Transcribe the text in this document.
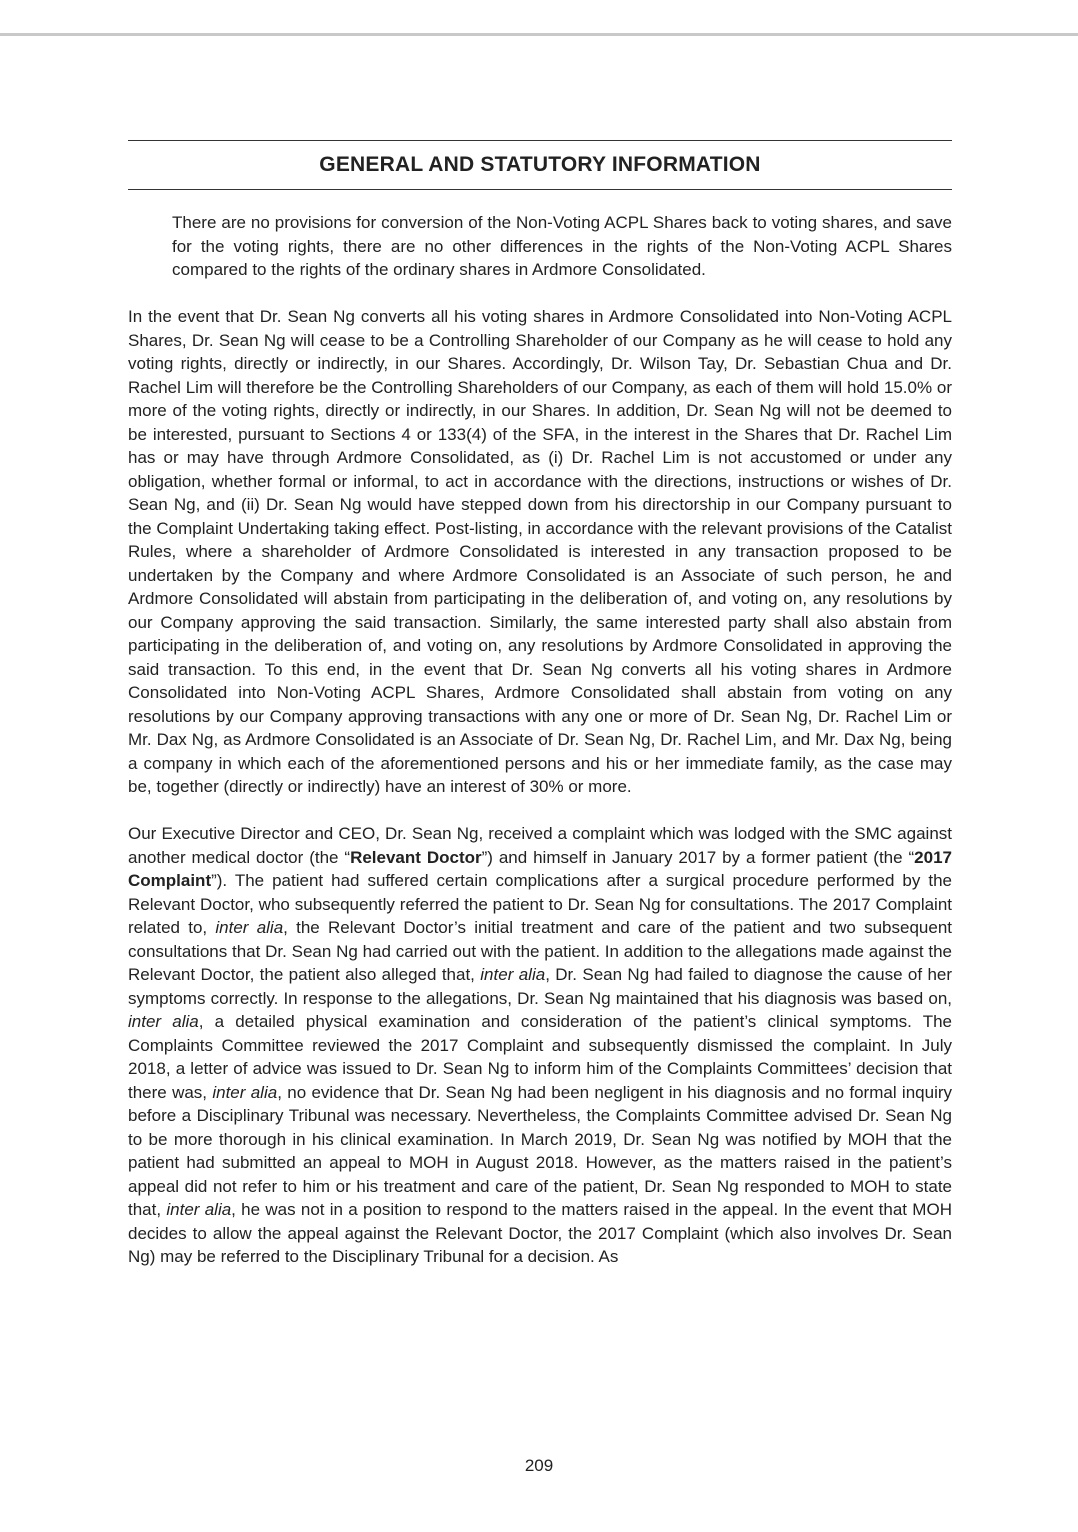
GENERAL AND STATUTORY INFORMATION

There are no provisions for conversion of the Non-Voting ACPL Shares back to voting shares, and save for the voting rights, there are no other differences in the rights of the Non-Voting ACPL Shares compared to the rights of the ordinary shares in Ardmore Consolidated.

In the event that Dr. Sean Ng converts all his voting shares in Ardmore Consolidated into Non-Voting ACPL Shares, Dr. Sean Ng will cease to be a Controlling Shareholder of our Company as he will cease to hold any voting rights, directly or indirectly, in our Shares. Accordingly, Dr. Wilson Tay, Dr. Sebastian Chua and Dr. Rachel Lim will therefore be the Controlling Shareholders of our Company, as each of them will hold 15.0% or more of the voting rights, directly or indirectly, in our Shares. In addition, Dr. Sean Ng will not be deemed to be interested, pursuant to Sections 4 or 133(4) of the SFA, in the interest in the Shares that Dr. Rachel Lim has or may have through Ardmore Consolidated, as (i) Dr. Rachel Lim is not accustomed or under any obligation, whether formal or informal, to act in accordance with the directions, instructions or wishes of Dr. Sean Ng, and (ii) Dr. Sean Ng would have stepped down from his directorship in our Company pursuant to the Complaint Undertaking taking effect. Post-listing, in accordance with the relevant provisions of the Catalist Rules, where a shareholder of Ardmore Consolidated is interested in any transaction proposed to be undertaken by the Company and where Ardmore Consolidated is an Associate of such person, he and Ardmore Consolidated will abstain from participating in the deliberation of, and voting on, any resolutions by our Company approving the said transaction. Similarly, the same interested party shall also abstain from participating in the deliberation of, and voting on, any resolutions by Ardmore Consolidated in approving the said transaction. To this end, in the event that Dr. Sean Ng converts all his voting shares in Ardmore Consolidated into Non-Voting ACPL Shares, Ardmore Consolidated shall abstain from voting on any resolutions by our Company approving transactions with any one or more of Dr. Sean Ng, Dr. Rachel Lim or Mr. Dax Ng, as Ardmore Consolidated is an Associate of Dr. Sean Ng, Dr. Rachel Lim, and Mr. Dax Ng, being a company in which each of the aforementioned persons and his or her immediate family, as the case may be, together (directly or indirectly) have an interest of 30% or more.

Our Executive Director and CEO, Dr. Sean Ng, received a complaint which was lodged with the SMC against another medical doctor (the “Relevant Doctor”) and himself in January 2017 by a former patient (the “2017 Complaint”). The patient had suffered certain complications after a surgical procedure performed by the Relevant Doctor, who subsequently referred the patient to Dr. Sean Ng for consultations. The 2017 Complaint related to, inter alia, the Relevant Doctor’s initial treatment and care of the patient and two subsequent consultations that Dr. Sean Ng had carried out with the patient. In addition to the allegations made against the Relevant Doctor, the patient also alleged that, inter alia, Dr. Sean Ng had failed to diagnose the cause of her symptoms correctly. In response to the allegations, Dr. Sean Ng maintained that his diagnosis was based on, inter alia, a detailed physical examination and consideration of the patient’s clinical symptoms. The Complaints Committee reviewed the 2017 Complaint and subsequently dismissed the complaint. In July 2018, a letter of advice was issued to Dr. Sean Ng to inform him of the Complaints Committees’ decision that there was, inter alia, no evidence that Dr. Sean Ng had been negligent in his diagnosis and no formal inquiry before a Disciplinary Tribunal was necessary. Nevertheless, the Complaints Committee advised Dr. Sean Ng to be more thorough in his clinical examination. In March 2019, Dr. Sean Ng was notified by MOH that the patient had submitted an appeal to MOH in August 2018. However, as the matters raised in the patient’s appeal did not refer to him or his treatment and care of the patient, Dr. Sean Ng responded to MOH to state that, inter alia, he was not in a position to respond to the matters raised in the appeal. In the event that MOH decides to allow the appeal against the Relevant Doctor, the 2017 Complaint (which also involves Dr. Sean Ng) may be referred to the Disciplinary Tribunal for a decision. As

209
